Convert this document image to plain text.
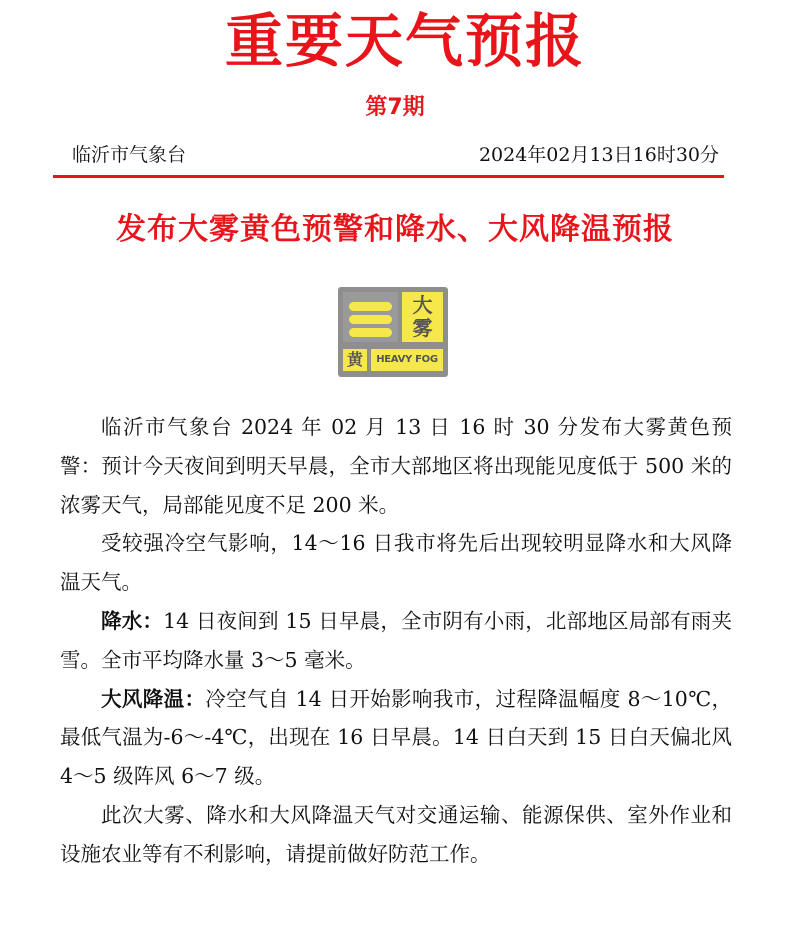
重要天气预报
第7期
临沂市气象台	2024年02月13日16时30分
发布大雾黄色预警和降水、大风降温预报
大
雾
黄	HEAVY FOG

临沂市气象台 2024 年 02 月 13 日 16 时 30 分发布大雾黄色预警：预计今天夜间到明天早晨，全市大部地区将出现能见度低于 500 米的浓雾天气，局部能见度不足 200 米。

受较强冷空气影响，14～16 日我市将先后出现较明显降水和大风降温天气。

降水：14 日夜间到 15 日早晨，全市阴有小雨，北部地区局部有雨夹雪。全市平均降水量 3～5 毫米。

大风降温：冷空气自 14 日开始影响我市，过程降温幅度 8～10℃，最低气温为-6～-4℃，出现在 16 日早晨。14 日白天到 15 日白天偏北风 4～5 级阵风 6～7 级。

此次大雾、降水和大风降温天气对交通运输、能源保供、室外作业和设施农业等有不利影响，请提前做好防范工作。
